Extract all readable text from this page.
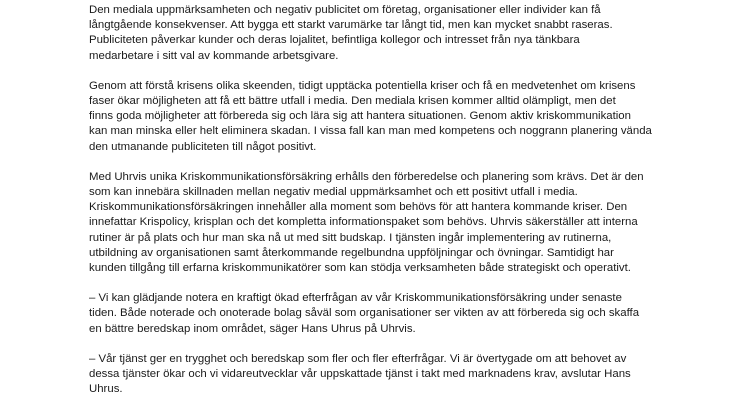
Den mediala uppmärksamheten och negativ publicitet om företag, organisationer eller individer kan få
långtgående konsekvenser. Att bygga ett starkt varumärke tar långt tid, men kan mycket snabbt raseras.
Publiciteten påverkar kunder och deras lojalitet, befintliga kollegor och intresset från nya tänkbara
medarbetare i sitt val av kommande arbetsgivare.

Genom att förstå krisens olika skeenden, tidigt upptäcka potentiella kriser och få en medvetenhet om krisens
faser ökar möjligheten att få ett bättre utfall i media. Den mediala krisen kommer alltid olämpligt, men det
finns goda möjligheter att förbereda sig och lära sig att hantera situationen. Genom aktiv kriskommunikation
kan man minska eller helt eliminera skadan. I vissa fall kan man med kompetens och noggrann planering vända
den utmanande publiciteten till något positivt.

Med Uhrvis unika Kriskommunikationsförsäkring erhålls den förberedelse och planering som krävs. Det är den
som kan innebära skillnaden mellan negativ medial uppmärksamhet och ett positivt utfall i media.
Kriskommunikationsförsäkringen innehåller alla moment som behövs för att hantera kommande kriser. Den
innefattar Krispolicy, krisplan och det kompletta informationspaket som behövs. Uhrvis säkerställer att interna
rutiner är på plats och hur man ska nå ut med sitt budskap. I tjänsten ingår implementering av rutinerna,
utbildning av organisationen samt återkommande regelbundna uppföljningar och övningar. Samtidigt har
kunden tillgång till erfarna kriskommunikatörer som kan stödja verksamheten både strategiskt och operativt.

– Vi kan glädjande notera en kraftigt ökad efterfrågan av vår Kriskommunikationsförsäkring under senaste
tiden. Både noterade och onoterade bolag såväl som organisationer ser vikten av att förbereda sig och skaffa
en bättre beredskap inom området, säger Hans Uhrus på Uhrvis.

– Vår tjänst ger en trygghet och beredskap som fler och fler efterfrågar. Vi är övertygade om att behovet av
dessa tjänster ökar och vi vidareutvecklar vår uppskattade tjänst i takt med marknadens krav, avslutar Hans
Uhrus.
